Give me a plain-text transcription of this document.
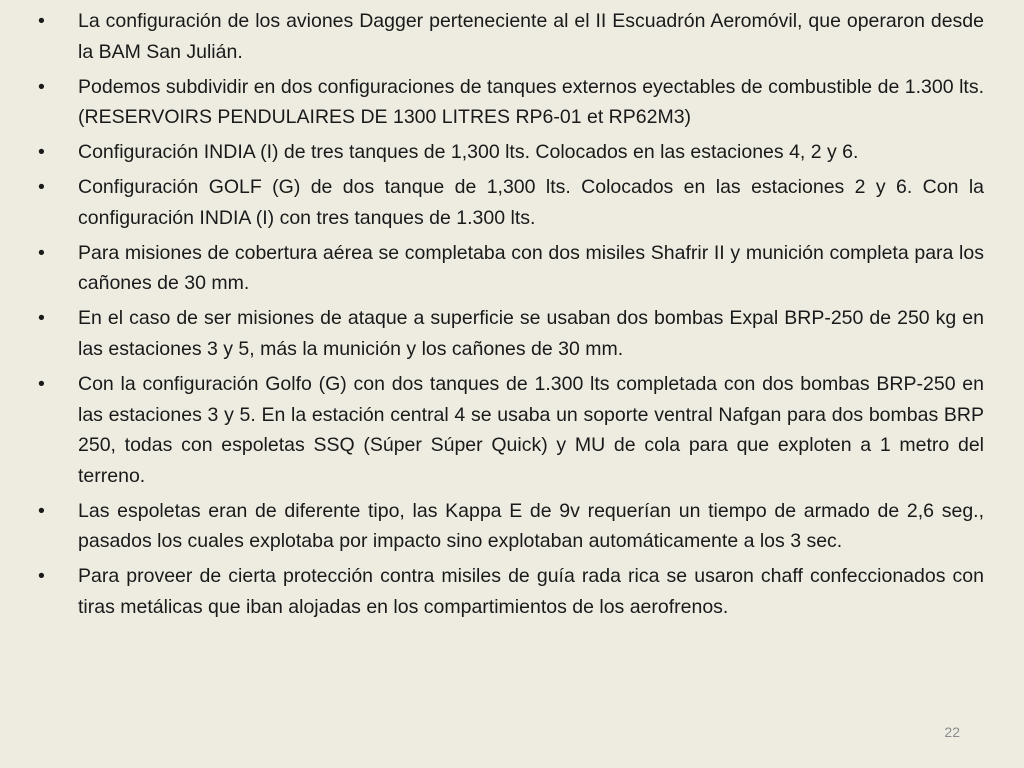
•	La configuración de los aviones Dagger perteneciente al el II Escuadrón Aeromóvil, que operaron desde la BAM San Julián.
•	Podemos subdividir en dos configuraciones de tanques externos eyectables de combustible de 1.300 lts. (RESERVOIRS PENDULAIRES DE 1300 LITRES RP6-01 et RP62M3)
•	Configuración INDIA (I) de tres tanques de 1,300 lts. Colocados en las estaciones 4, 2 y 6.
•	Configuración GOLF (G) de dos tanque de 1,300 lts. Colocados en las estaciones 2 y 6. Con la configuración INDIA (I) con tres tanques de 1.300 lts.
•	Para misiones de cobertura aérea se completaba con dos misiles Shafrir II y munición completa para los cañones de 30 mm.
•	En el caso de ser misiones de ataque a superficie se usaban dos bombas Expal BRP-250 de 250 kg en las estaciones 3 y 5, más la munición y los cañones de 30 mm.
•	Con la configuración Golfo (G) con dos tanques de 1.300 lts completada con dos bombas BRP-250 en las estaciones 3 y 5. En la estación central 4 se usaba un soporte ventral Nafgan para dos bombas BRP 250, todas con espoletas SSQ (Súper Súper Quick) y MU de cola para que exploten a 1 metro del terreno.
•	Las espoletas eran de diferente tipo, las Kappa E de 9v requerían un tiempo de armado de 2,6 seg., pasados los cuales explotaba por impacto sino explotaban automáticamente a los 3 sec.
•	Para proveer de cierta protección contra misiles de guía rada rica se usaron chaff confeccionados con tiras metálicas que iban alojadas en los compartimientos de los aerofrenos.
22
